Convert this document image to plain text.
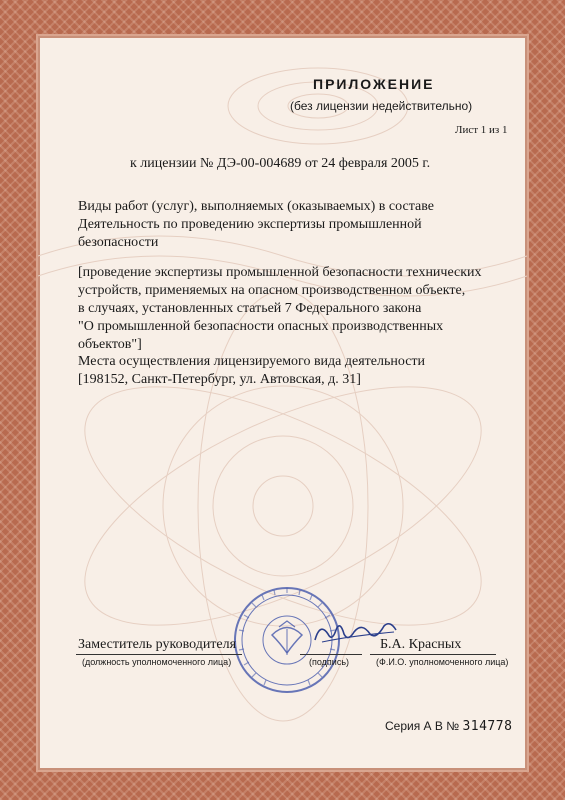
ПРИЛОЖЕНИЕ
(без лицензии недействительно)
Лист 1 из 1
к лицензии № ДЭ-00-004689 от 24 февраля 2005 г.
Виды работ (услуг), выполняемых (оказываемых) в составе
Деятельность по проведению экспертизы промышленной
безопасности
[проведение экспертизы промышленной безопасности технических
устройств, применяемых на опасном производственном объекте,
в случаях, установленных статьей 7 Федерального закона
"О промышленной безопасности опасных производственных
объектов"]
Места осуществления лицензируемого вида деятельности
[198152, Санкт-Петербург, ул. Автовская, д. 31]
Заместитель руководителя	Б.А. Красных
(должность уполномоченного лица)	(подпись)	(Ф.И.О. уполномоченного лица)
Серия А В № 314778
